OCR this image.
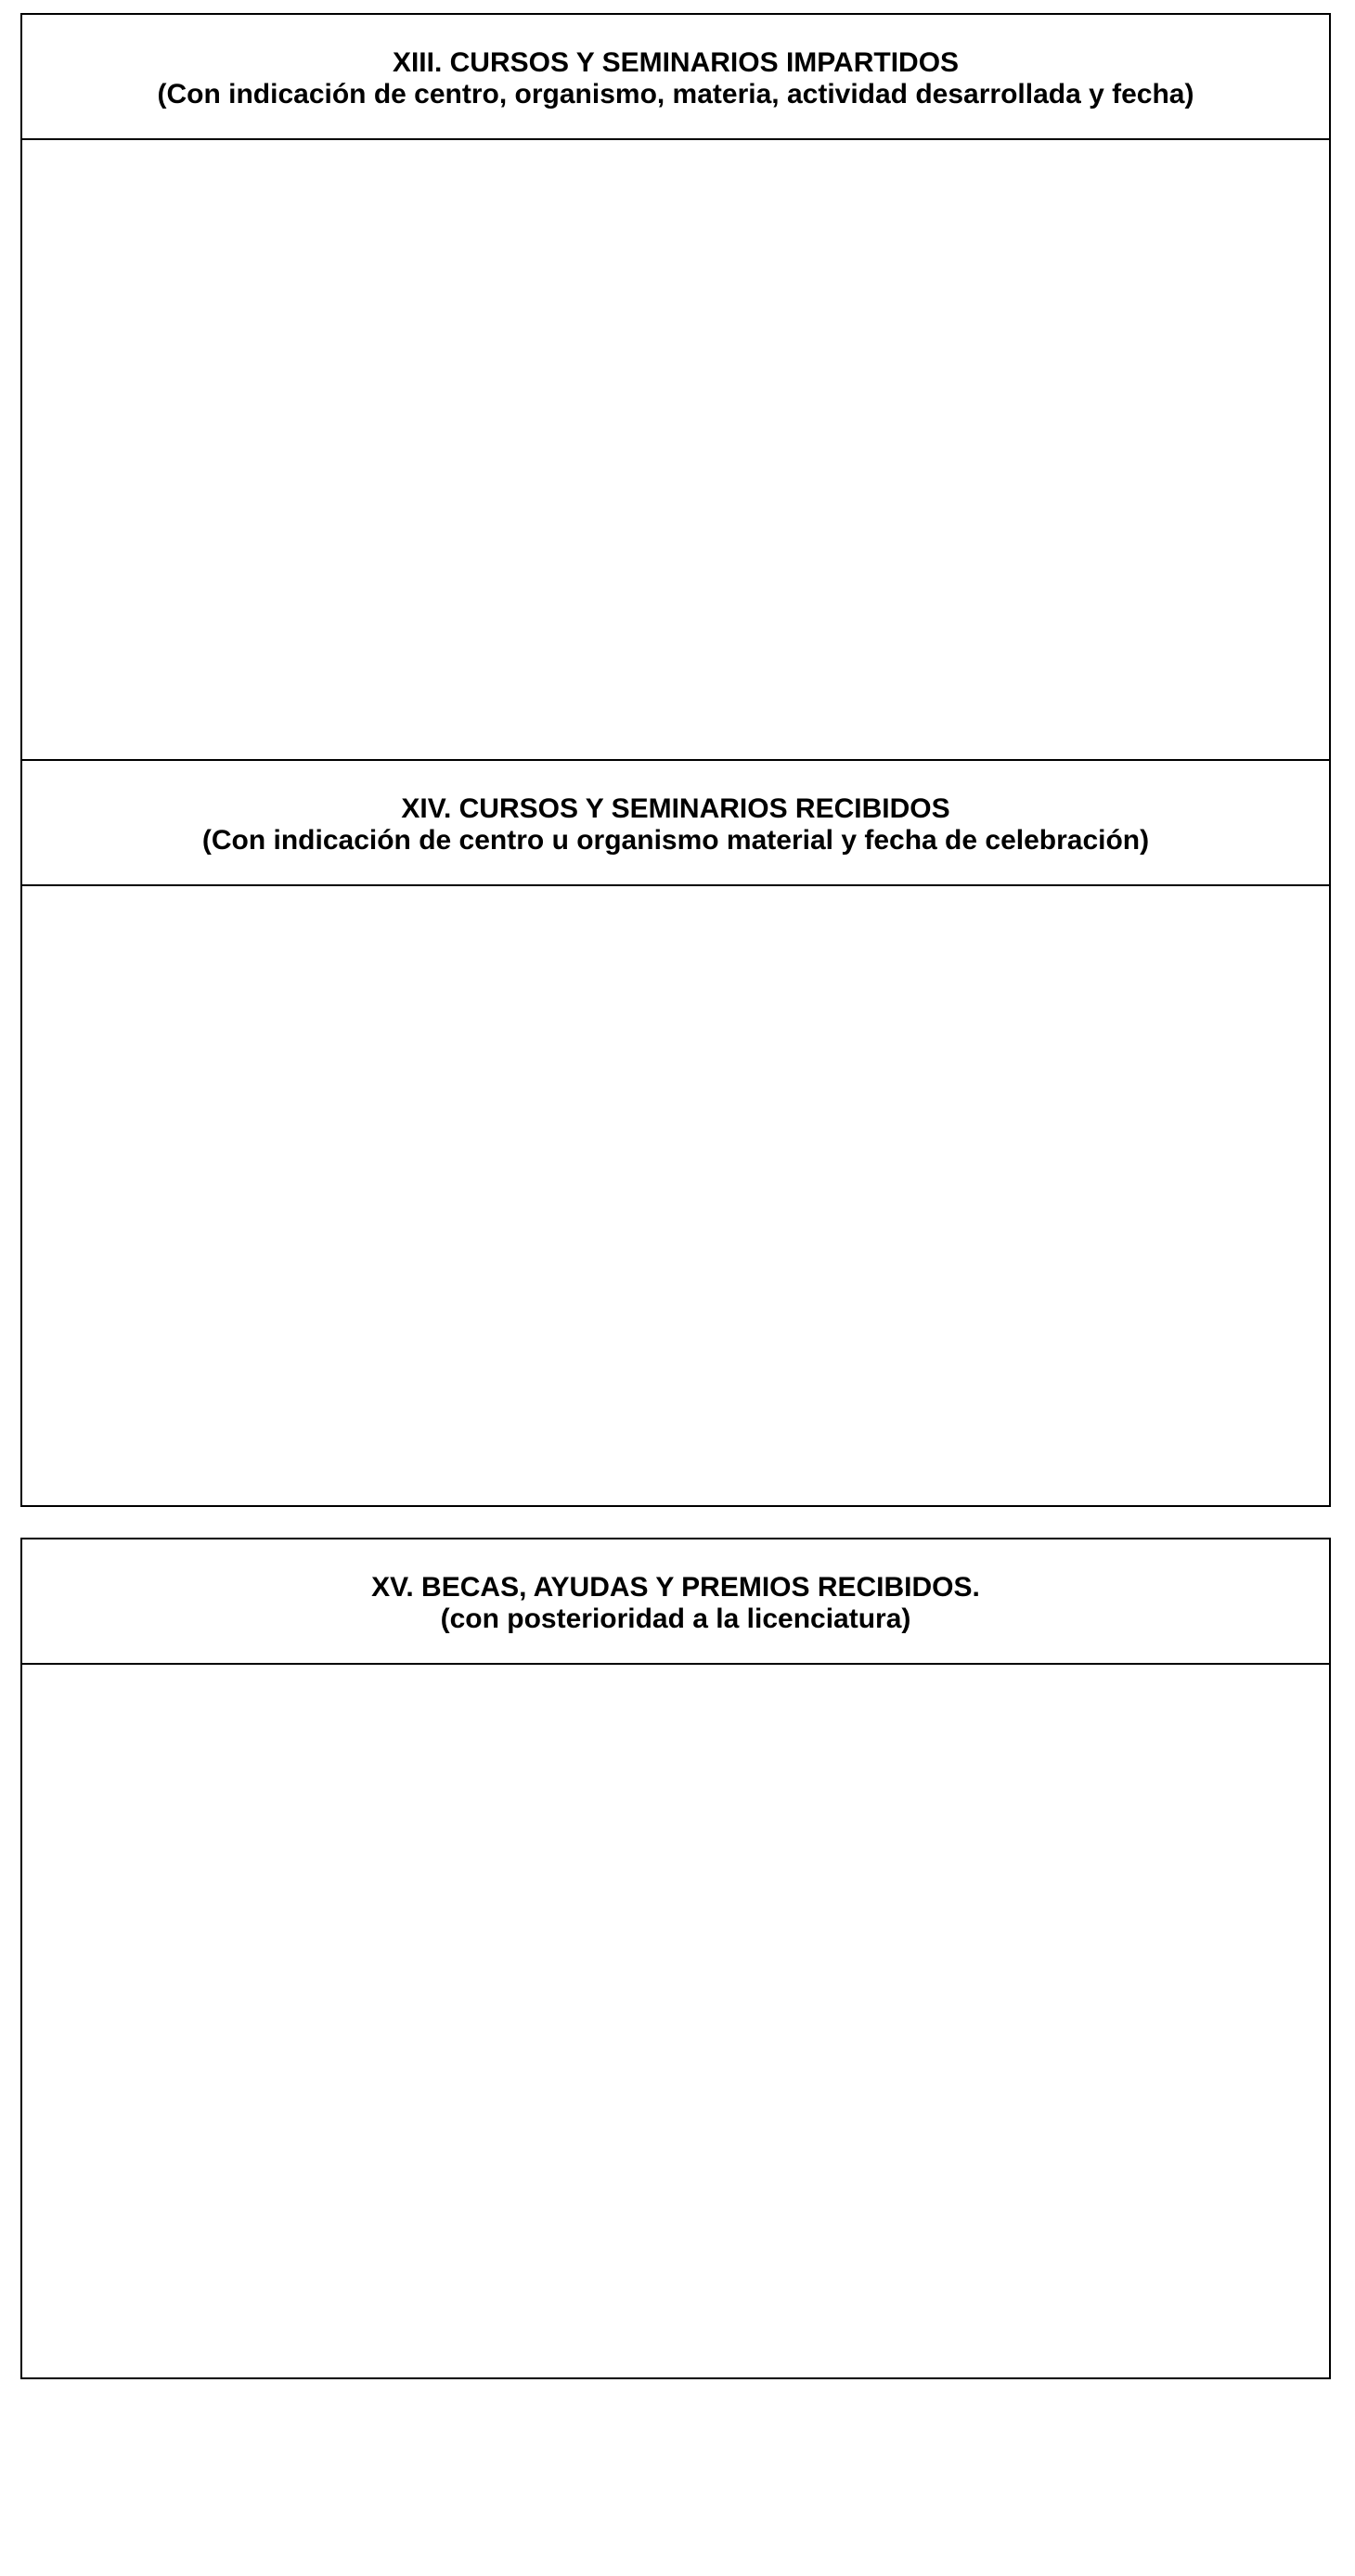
XIII. CURSOS Y SEMINARIOS IMPARTIDOS
(Con indicación de centro, organismo, materia, actividad desarrollada y fecha)
XIV. CURSOS Y SEMINARIOS RECIBIDOS
(Con indicación de centro u organismo material y fecha de celebración)
XV. BECAS, AYUDAS Y PREMIOS RECIBIDOS.
(con posterioridad a la licenciatura)
